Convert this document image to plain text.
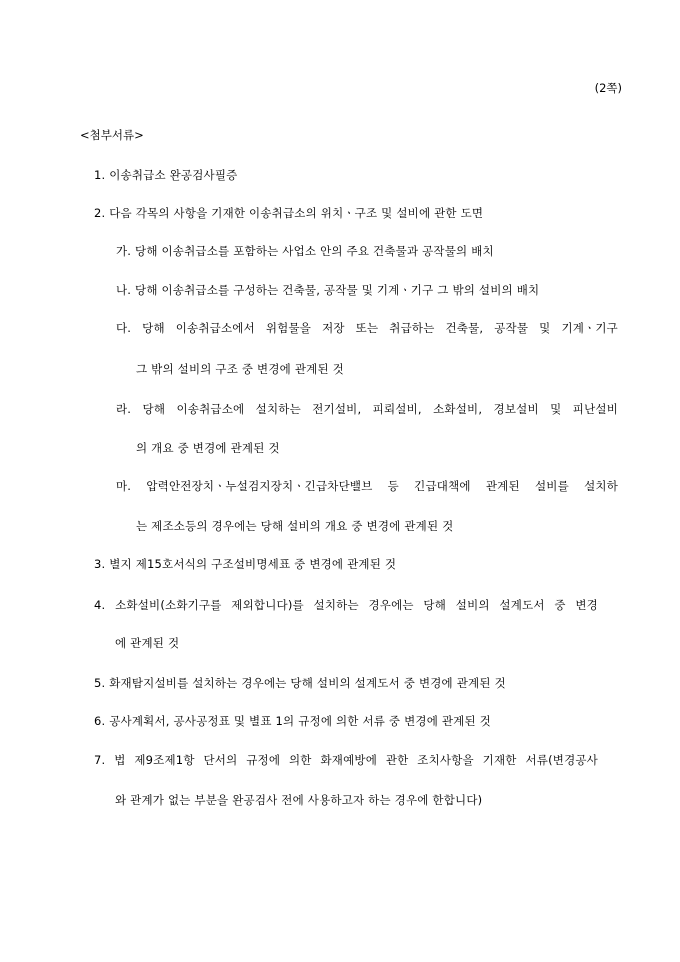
(2쪽)
<첨부서류>
1. 이송취급소 완공검사필증
2. 다음 각목의 사항을 기재한 이송취급소의 위치ㆍ구조 및 설비에 관한 도면
가. 당해 이송취급소를 포함하는 사업소 안의 주요 건축물과 공작물의 배치
나. 당해 이송취급소를 구성하는 건축물, 공작물 및 기계ㆍ기구 그 밖의 설비의 배치
다. 당해 이송취급소에서 위험물을 저장 또는 취급하는 건축물, 공작물 및 기계ㆍ기구
그 밖의 설비의 구조 중 변경에 관계된 것
라. 당해 이송취급소에 설치하는 전기설비, 피뢰설비, 소화설비, 경보설비 및 피난설비
의 개요 중 변경에 관계된 것
마. 압력안전장치ㆍ누설검지장치ㆍ긴급차단밸브 등 긴급대책에 관계된 설비를 설치하
는 제조소등의 경우에는 당해 설비의 개요 중 변경에 관계된 것
3. 별지 제15호서식의 구조설비명세표 중 변경에 관계된 것
4. 소화설비(소화기구를 제외합니다)를 설치하는 경우에는 당해 설비의 설계도서 중 변경
에 관계된 것
5. 화재탐지설비를 설치하는 경우에는 당해 설비의 설계도서 중 변경에 관계된 것
6. 공사계획서, 공사공정표 및 별표 1의 규정에 의한 서류 중 변경에 관계된 것
7. 법 제9조제1항 단서의 규정에 의한 화재예방에 관한 조치사항을 기재한 서류(변경공사
와 관계가 없는 부분을 완공검사 전에 사용하고자 하는 경우에 한합니다)
